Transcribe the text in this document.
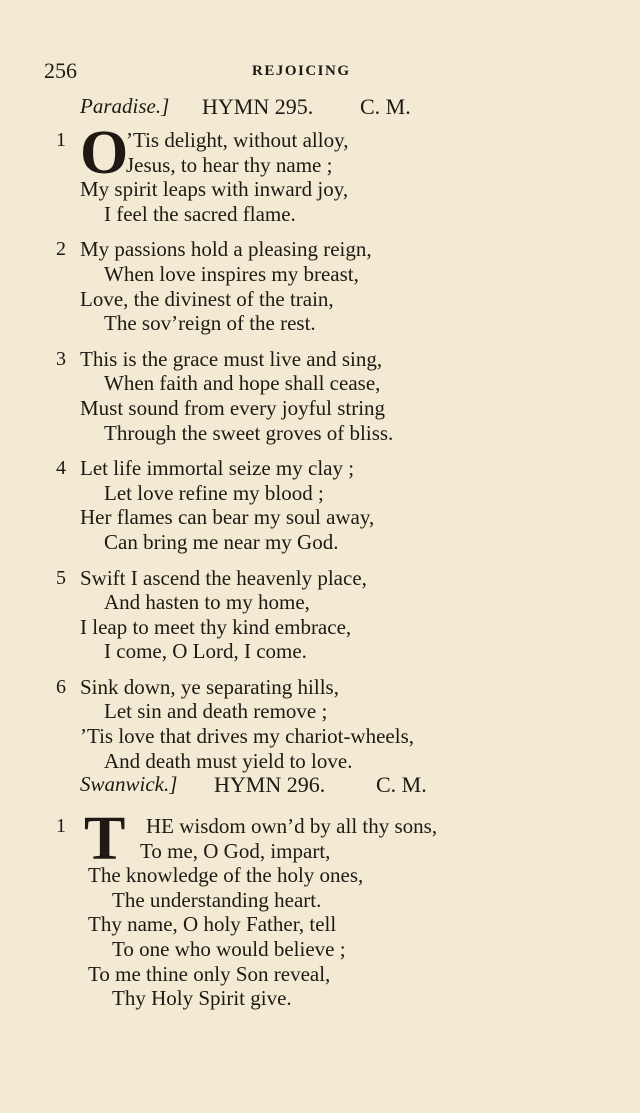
256	REJOICING
Paradise.] HYMN 295. C. M.
1 O
’Tis delight, without alloy,
Jesus, to hear thy name ;
My spirit leaps with inward joy,
I feel the sacred flame.
2 My passions hold a pleasing reign,
When love inspires my breast,
Love, the divinest of the train,
The sov’reign of the rest.
3 This is the grace must live and sing,
When faith and hope shall cease,
Must sound from every joyful string
Through the sweet groves of bliss.
4 Let life immortal seize my clay ;
Let love refine my blood ;
Her flames can bear my soul away,
Can bring me near my God.
5 Swift I ascend the heavenly place,
And hasten to my home,
I leap to meet thy kind embrace,
I come, O Lord, I come.
6 Sink down, ye separating hills,
Let sin and death remove ;
’Tis love that drives my chariot-wheels,
And death must yield to love.
Swanwick.] HYMN 296. C. M.
1 T HE wisdom own’d by all thy sons,
To me, O God, impart,
The knowledge of the holy ones,
The understanding heart.
Thy name, O holy Father, tell
To one who would believe ;
To me thine only Son reveal,
Thy Holy Spirit give.
